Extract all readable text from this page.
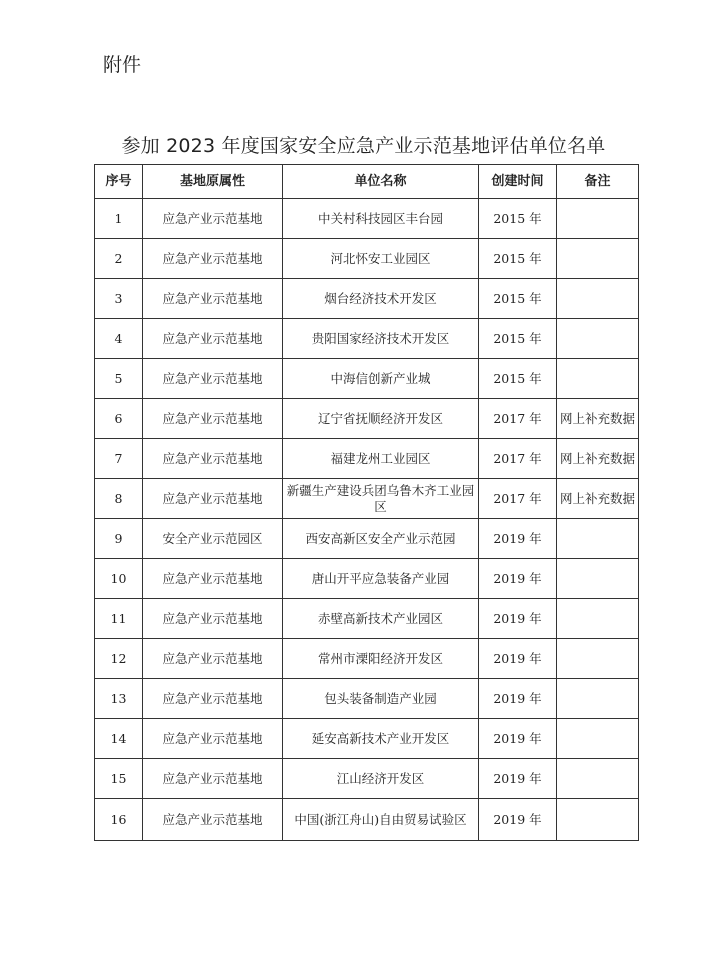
附件
参加 2023 年度国家安全应急产业示范基地评估单位名单
序号	基地原属性	单位名称	创建时间	备注
1	应急产业示范基地	中关村科技园区丰台园	2015 年	
2	应急产业示范基地	河北怀安工业园区	2015 年	
3	应急产业示范基地	烟台经济技术开发区	2015 年	
4	应急产业示范基地	贵阳国家经济技术开发区	2015 年	
5	应急产业示范基地	中海信创新产业城	2015 年	
6	应急产业示范基地	辽宁省抚顺经济开发区	2017 年	网上补充数据
7	应急产业示范基地	福建龙州工业园区	2017 年	网上补充数据
8	应急产业示范基地	新疆生产建设兵团乌鲁木齐工业园区	2017 年	网上补充数据
9	安全产业示范园区	西安高新区安全产业示范园	2019 年	
10	应急产业示范基地	唐山开平应急装备产业园	2019 年	
11	应急产业示范基地	赤壁高新技术产业园区	2019 年	
12	应急产业示范基地	常州市溧阳经济开发区	2019 年	
13	应急产业示范基地	包头装备制造产业园	2019 年	
14	应急产业示范基地	延安高新技术产业开发区	2019 年	
15	应急产业示范基地	江山经济开发区	2019 年	
16	应急产业示范基地	中国(浙江舟山)自由贸易试验区	2019 年	
